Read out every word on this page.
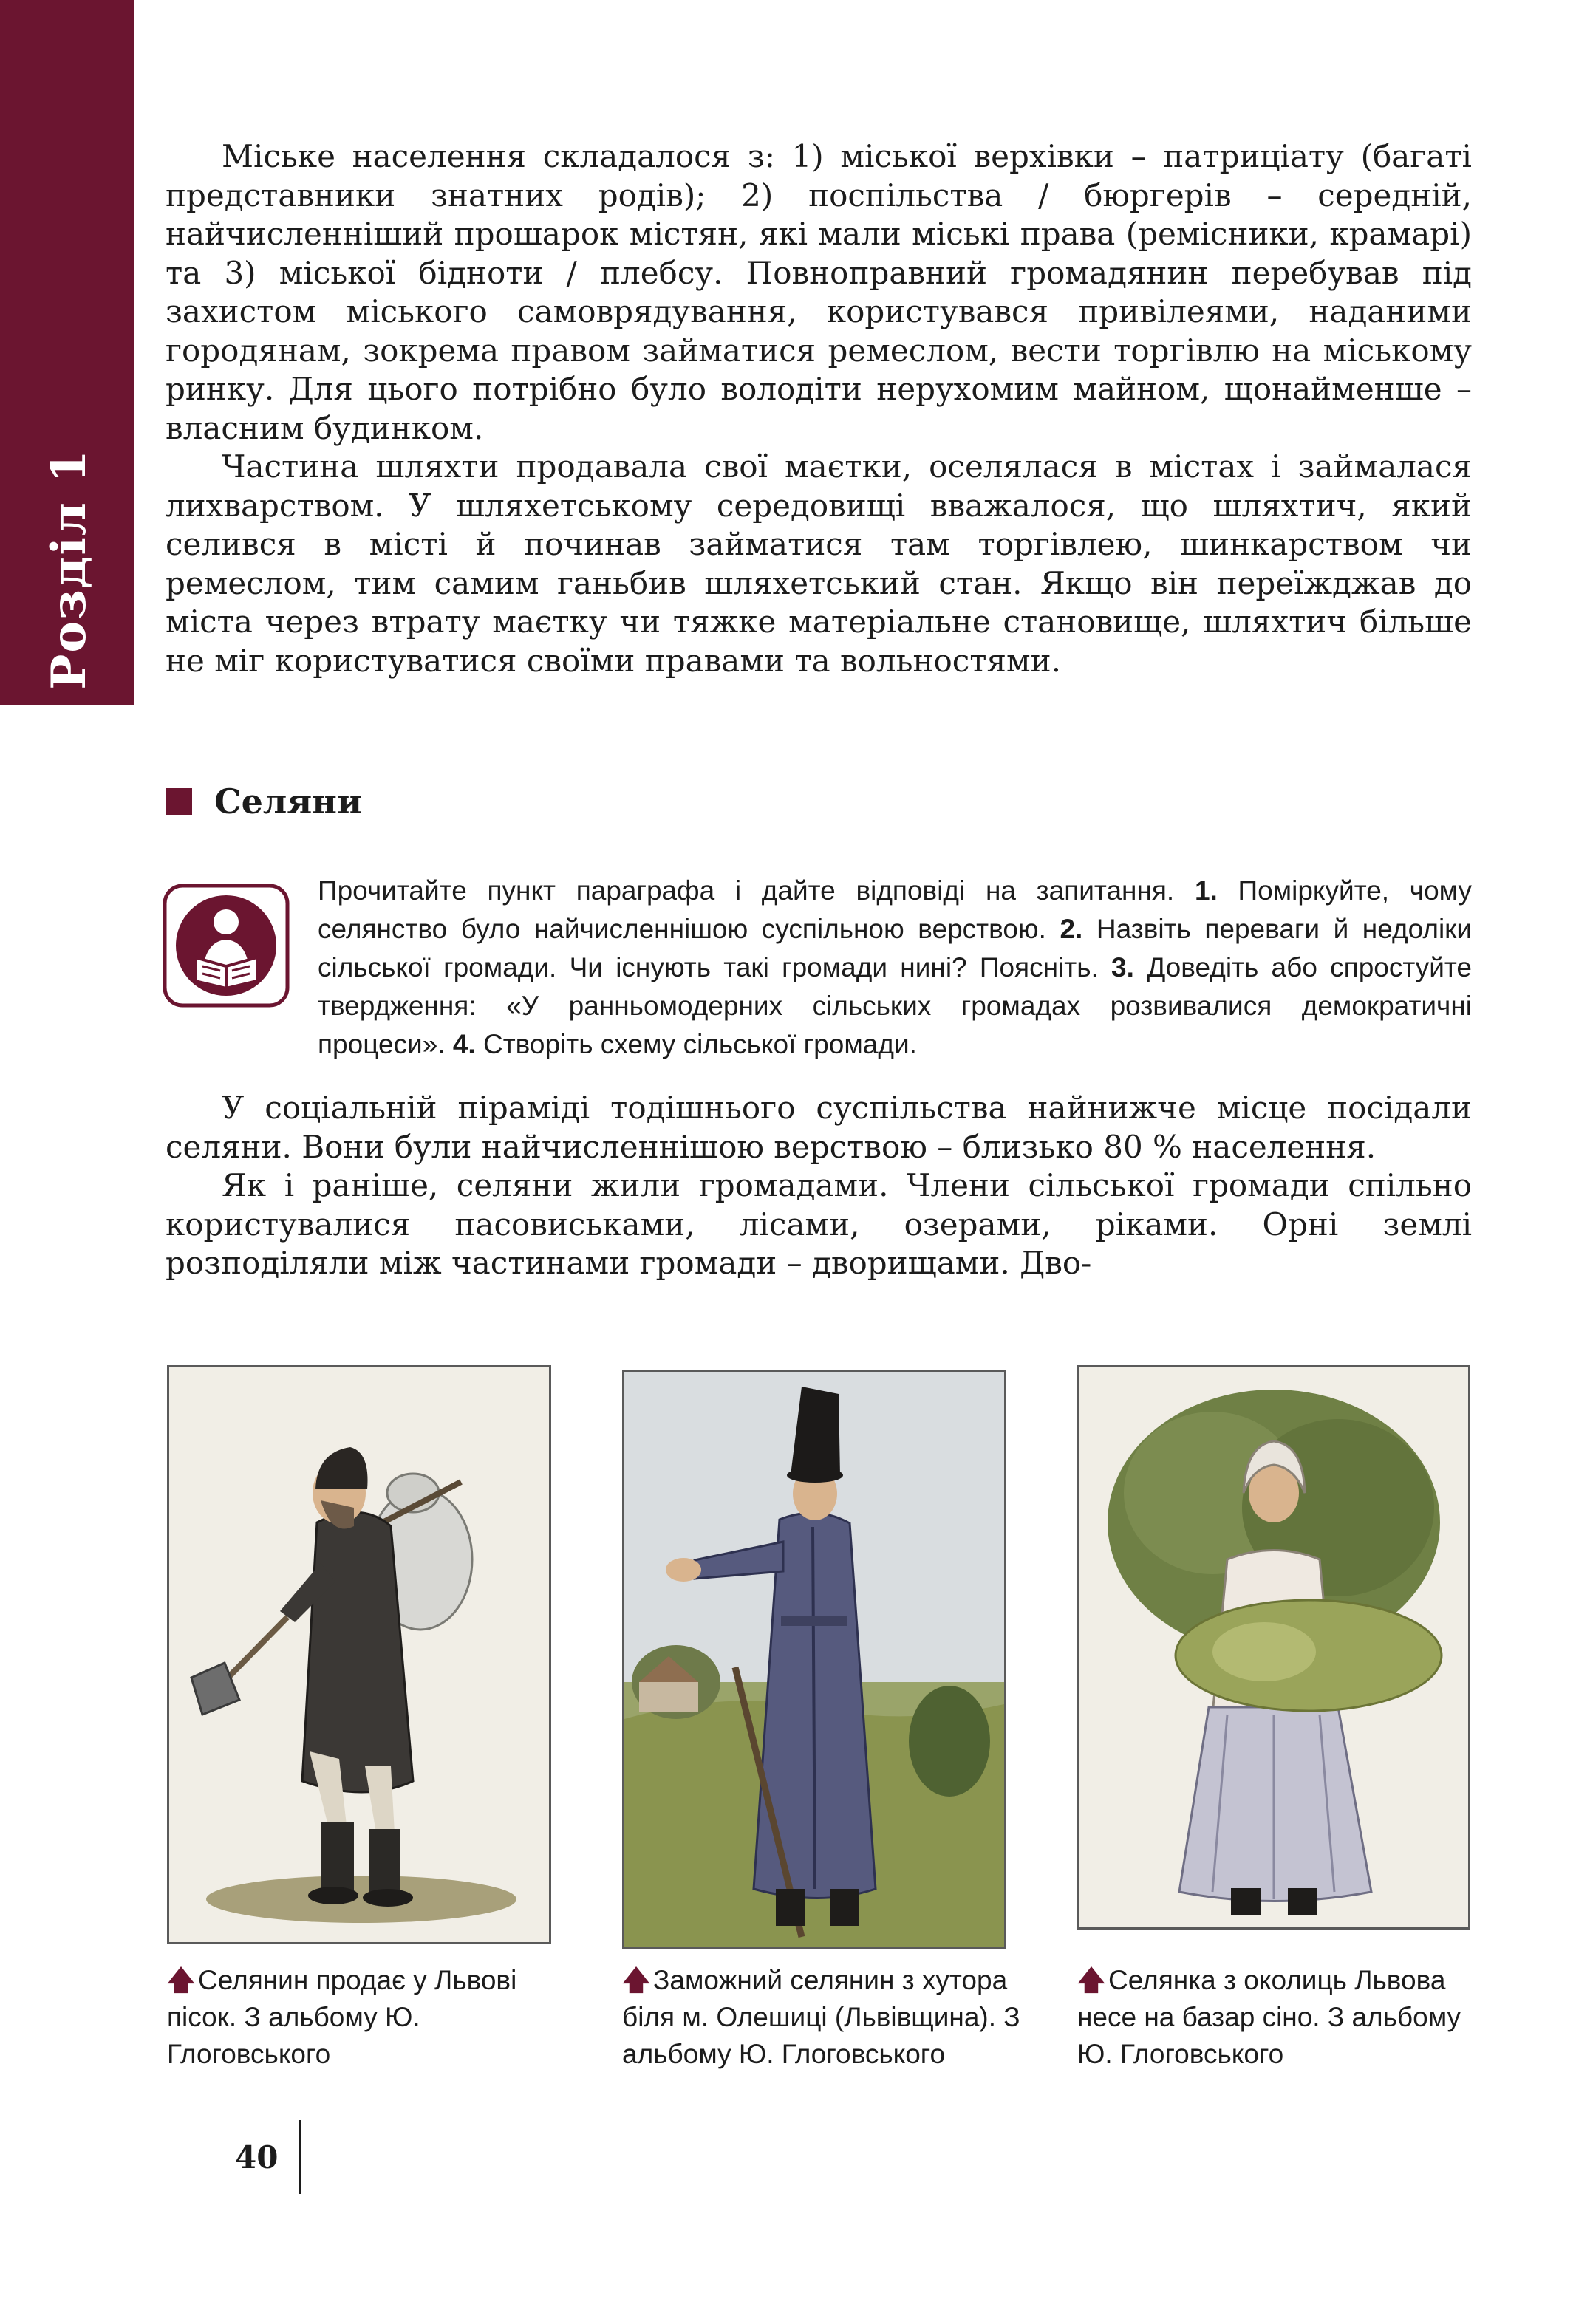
Розділ 1

Міське населення складалося з: 1) міської верхівки – патриціату (багаті представники знатних родів); 2) поспільства / бюргерів – середній, найчисленніший прошарок містян, які мали міські права (ремісники, крамарі) та 3) міської бідноти / плебсу. Повноправний громадянин перебував під захистом міського самоврядування, користувався привілеями, наданими городянам, зокрема правом займатися ремеслом, вести торгівлю на міському ринку. Для цього потрібно було володіти нерухомим майном, щонайменше – власним будинком.

Частина шляхти продавала свої маєтки, оселялася в містах і займалася лихварством. У шляхетському середовищі вважалося, що шляхтич, який селився в місті й починав займатися там торгівлею, шинкарством чи ремеслом, тим самим ганьбив шляхетський стан. Якщо він переїжджав до міста через втрату маєтку чи тяжке матеріальне становище, шляхтич більше не міг користуватися своїми правами та вольностями.

Селяни

Прочитайте пункт параграфа і дайте відповіді на запитання. 1. Поміркуйте, чому селянство було найчисленнішою суспільною верствою. 2. Назвіть переваги й недоліки сільської громади. Чи існують такі громади нині? Поясніть. 3. Доведіть або спростуйте твердження: «У ранньомодерних сільських громадах розвивалися демократичні процеси». 4. Створіть схему сільської громади.

У соціальній піраміді тодішнього суспільства найнижче місце посідали селяни. Вони були найчисленнішою верствою – близько 80 % населення.

Як і раніше, селяни жили громадами. Члени сільської громади спільно користувалися пасовиськами, лісами, озерами, ріками. Орні землі розподіляли між частинами громади – дворищами. Дво-

🡅 Селянин продає у Львові пісок. З альбому Ю. Глоговського

🡅 Заможний селянин з хутора біля м. Олешиці (Львівщина). З альбому Ю. Глоговського

🡅 Селянка з околиць Львова несе на базар сіно. З альбому Ю. Глоговського

40
